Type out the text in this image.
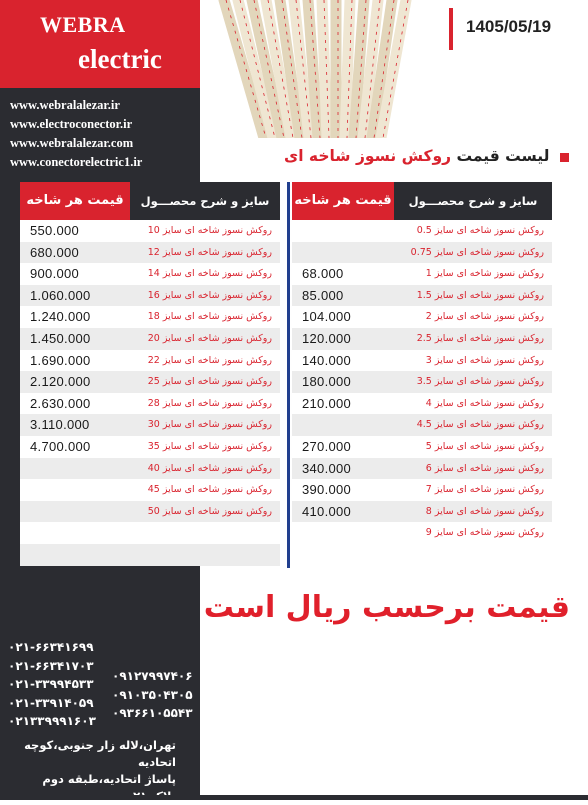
WEBRA
electric
www.webralalezar.ir
www.electroconector.ir
www.webralalezar.com
www.conectorelectric1.ir
1405/05/19
لیست قیمت روکش نسوز شاخه ای
قیمت هر شاخه	سایز و شرح محصـــول
550.000	روکش نسوز شاخه ای سایز 10
680.000	روکش نسوز شاخه ای سایز 12
900.000	روکش نسوز شاخه ای سایز 14
1.060.000	روکش نسوز شاخه ای سایز 16
1.240.000	روکش نسوز شاخه ای سایز 18
1.450.000	روکش نسوز شاخه ای سایز 20
1.690.000	روکش نسوز شاخه ای سایز 22
2.120.000	روکش نسوز شاخه ای سایز 25
2.630.000	روکش نسوز شاخه ای سایز 28
3.110.000	روکش نسوز شاخه ای سایز 30
4.700.000	روکش نسوز شاخه ای سایز 35
روکش نسوز شاخه ای سایز 40
روکش نسوز شاخه ای سایز 45
روکش نسوز شاخه ای سایز 50
قیمت هر شاخه	سایز و شرح محصـــول
روکش نسوز شاخه ای سایز 0.5
روکش نسوز شاخه ای سایز 0.75
68.000	روکش نسوز شاخه ای سایز 1
85.000	روکش نسوز شاخه ای سایز 1.5
104.000	روکش نسوز شاخه ای سایز 2
120.000	روکش نسوز شاخه ای سایز 2.5
140.000	روکش نسوز شاخه ای سایز 3
180.000	روکش نسوز شاخه ای سایز 3.5
210.000	روکش نسوز شاخه ای سایز 4
روکش نسوز شاخه ای سایز 4.5
270.000	روکش نسوز شاخه ای سایز 5
340.000	روکش نسوز شاخه ای سایز 6
390.000	روکش نسوز شاخه ای سایز 7
410.000	روکش نسوز شاخه ای سایز 8
روکش نسوز شاخه ای سایز 9
قیمت برحسب ریال است
۰۲۱-۶۶۳۴۱۶۹۹
۰۲۱-۶۶۳۴۱۷۰۳
۰۲۱-۳۳۹۹۴۵۳۳
۰۲۱-۳۳۹۱۴۰۵۹
۰۲۱۳۳۹۹۹۱۶۰۳
۰۹۱۲۷۹۹۷۴۰۶
۰۹۱۰۳۵۰۴۳۰۵
۰۹۳۶۶۱۰۵۵۴۳
تهران،لاله زار جنوبی،کوچه اتحادیه
پاساژ اتحادیه،طبقه دوم
